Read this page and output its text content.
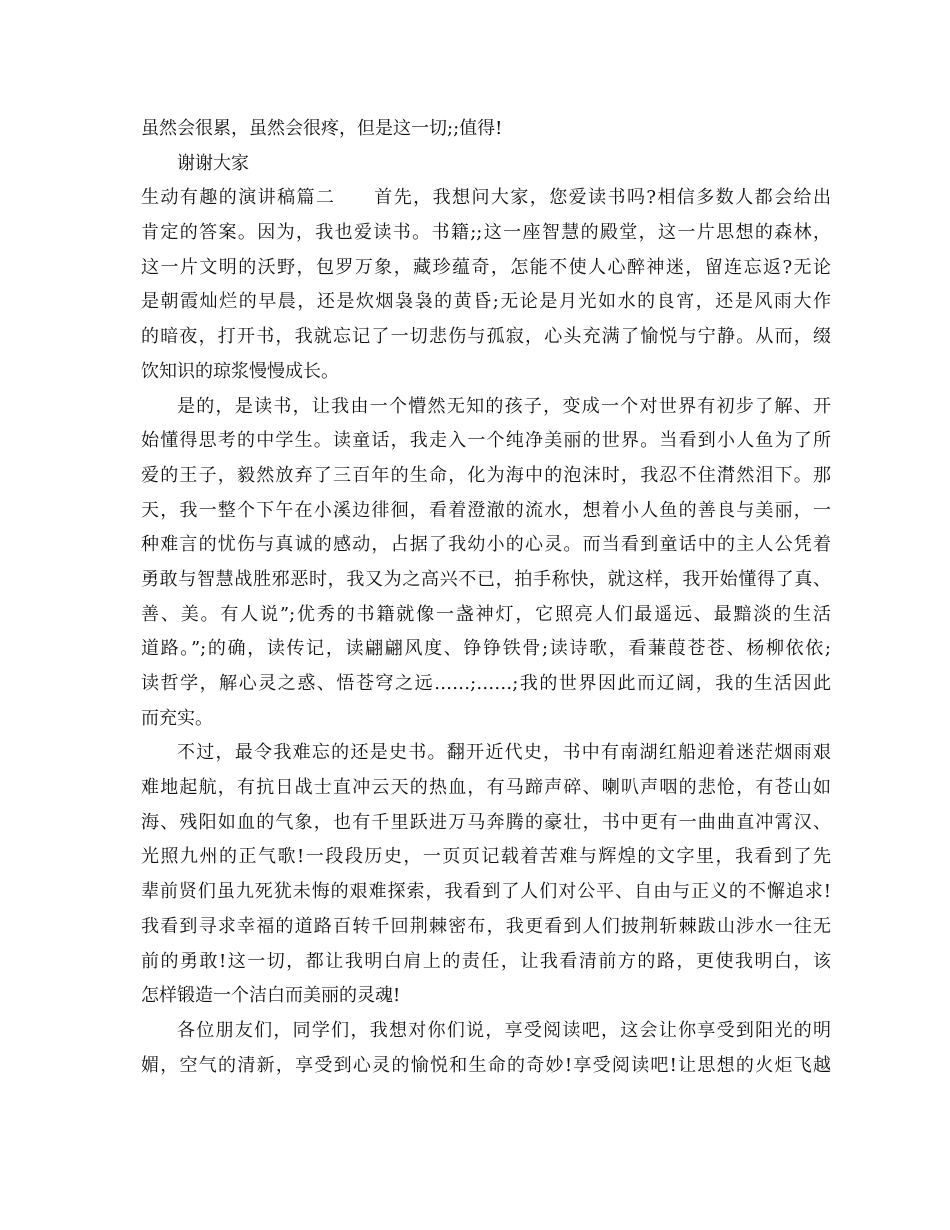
虽然会很累，虽然会很疼，但是这一切;;值得!
谢谢大家
生动有趣的演讲稿篇二　　首先，我想问大家，您爱读书吗?相信多数人都会给出
肯定的答案。因为，我也爱读书。书籍;;这一座智慧的殿堂，这一片思想的森林，
这一片文明的沃野，包罗万象，藏珍蕴奇，怎能不使人心醉神迷，留连忘返?无论
是朝霞灿烂的早晨，还是炊烟袅袅的黄昏;无论是月光如水的良宵，还是风雨大作
的暗夜，打开书，我就忘记了一切悲伤与孤寂，心头充满了愉悦与宁静。从而，缀
饮知识的琼浆慢慢成长。
是的，是读书，让我由一个懵然无知的孩子，变成一个对世界有初步了解、开
始懂得思考的中学生。读童话，我走入一个纯净美丽的世界。当看到小人鱼为了所
爱的王子，毅然放弃了三百年的生命，化为海中的泡沫时，我忍不住潸然泪下。那
天，我一整个下午在小溪边徘徊，看着澄澈的流水，想着小人鱼的善良与美丽，一
种难言的忧伤与真诚的感动，占据了我幼小的心灵。而当看到童话中的主人公凭着
勇敢与智慧战胜邪恶时，我又为之高兴不已，拍手称快，就这样，我开始懂得了真、
善、美。有人说”;优秀的书籍就像一盏神灯，它照亮人们最遥远、最黯淡的生活
道路。”;的确，读传记，读翩翩风度、铮铮铁骨;读诗歌，看蒹葭苍苍、杨柳依依;
读哲学，解心灵之惑、悟苍穹之远……;……;我的世界因此而辽阔，我的生活因此
而充实。
不过，最令我难忘的还是史书。翻开近代史，书中有南湖红船迎着迷茫烟雨艰
难地起航，有抗日战士直冲云天的热血，有马蹄声碎、喇叭声咽的悲怆，有苍山如
海、残阳如血的气象，也有千里跃进万马奔腾的豪壮，书中更有一曲曲直冲霄汉、
光照九州的正气歌!一段段历史，一页页记载着苦难与辉煌的文字里，我看到了先
辈前贤们虽九死犹未悔的艰难探索，我看到了人们对公平、自由与正义的不懈追求!
我看到寻求幸福的道路百转千回荆棘密布，我更看到人们披荆斩棘跋山涉水一往无
前的勇敢!这一切，都让我明白肩上的责任，让我看清前方的路，更使我明白，该
怎样锻造一个洁白而美丽的灵魂!
各位朋友们，同学们，我想对你们说，享受阅读吧，这会让你享受到阳光的明
媚，空气的清新，享受到心灵的愉悦和生命的奇妙!享受阅读吧!让思想的火炬飞越
